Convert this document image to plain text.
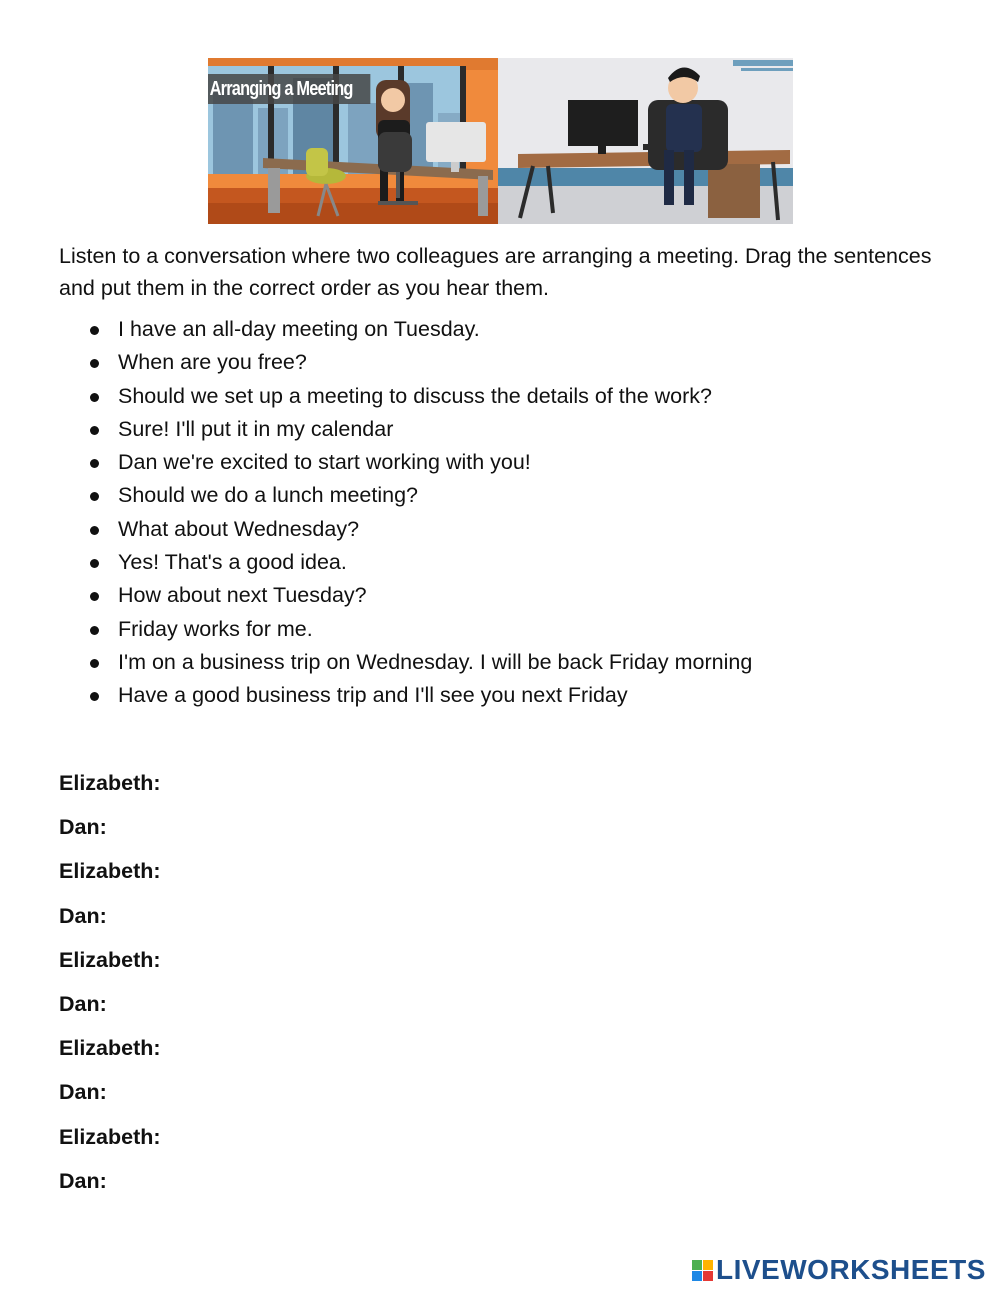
Arranging a Meeting

Listen to a conversation where two colleagues are arranging a meeting. Drag the sentences and put them in the correct order as you hear them.

I have an all-day meeting on Tuesday.
When are you free?
Should we set up a meeting to discuss the details of the work?
Sure! I'll put it in my calendar
Dan we're excited to start working with you!
Should we do a lunch meeting?
What about Wednesday?
Yes! That's a good idea.
How about next Tuesday?
Friday works for me.
I'm on a business trip on Wednesday. I will be back Friday morning
Have a good business trip and I'll see you next Friday
Elizabeth:
Dan:
Elizabeth:
Dan:
Elizabeth:
Dan:
Elizabeth:
Dan:
Elizabeth:
Dan:
LIVEWORKSHEETS
